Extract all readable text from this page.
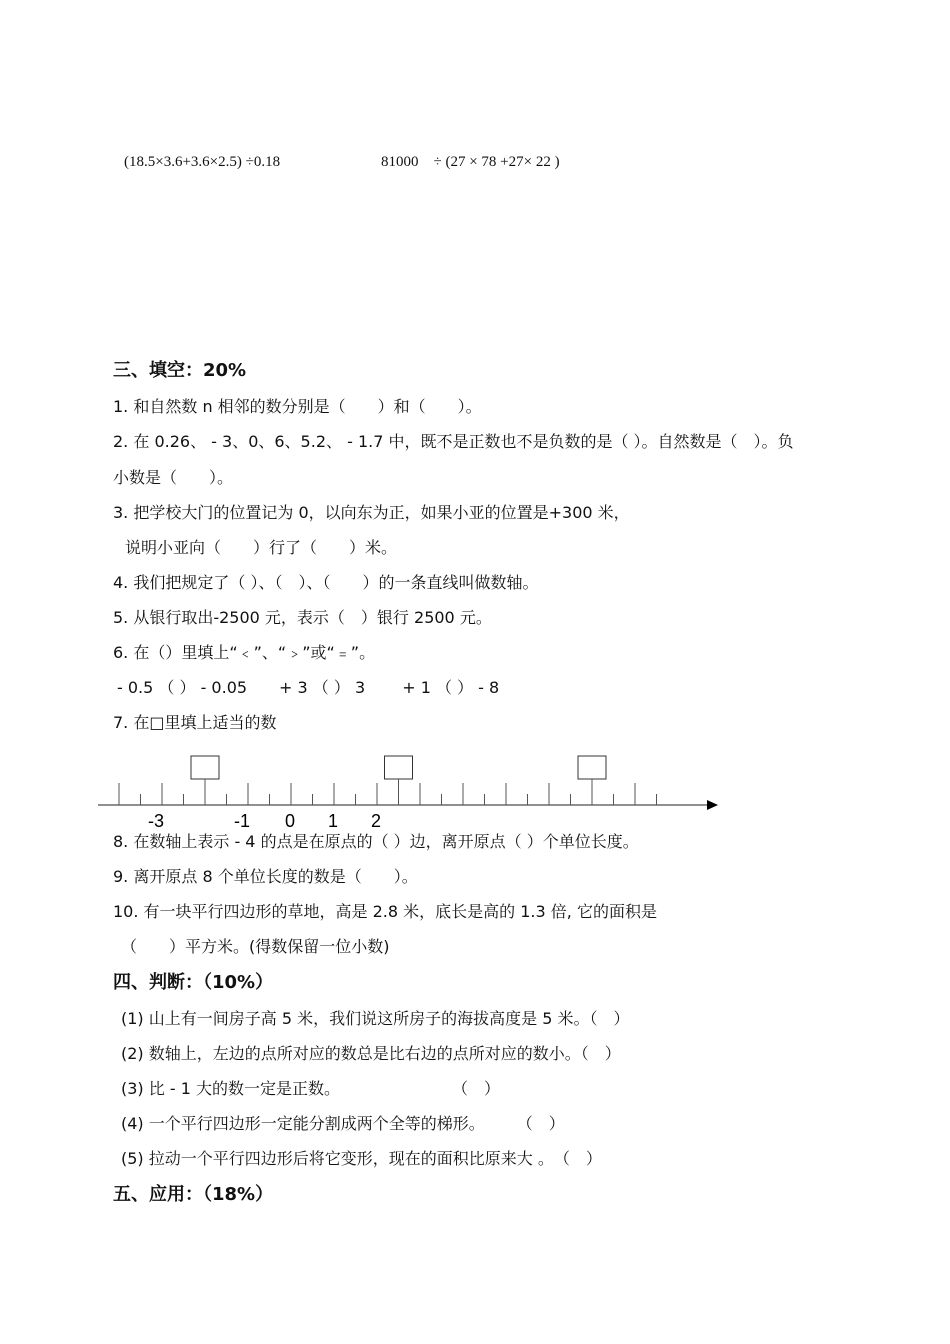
(18.5×3.6+3.6×2.5) ÷0.18	81000　÷ (27 × 78 +27× 22 )
三、填空：20%
1. 和自然数 n 相邻的数分别是（　　）和（　　）。
2. 在 0.26、 - 3、0、6、5.2、 - 1.7 中，既不是正数也不是负数的是（ ）。自然数是（　）。负
小数是（　　）。
3. 把学校大门的位置记为 0，以向东为正，如果小亚的位置是+300 米，
说明小亚向（　　）行了（　　）米。
4. 我们把规定了（ ）、（　）、（　　）的一条直线叫做数轴。
5. 从银行取出-2500 元，表示（　）银行 2500 元。
6. 在（）里填上“﹤”、“﹥”或“﹦”。
- 0.5 （ ） - 0.05　　+ 3 （ ） 3　　 + 1 （ ） - 8
7. 在□里填上适当的数
-3	-1 0 1 2
8. 在数轴上表示 - 4 的点是在原点的（ ）边，离开原点（ ）个单位长度。
9. 离开原点 8 个单位长度的数是（　　）。
10. 有一块平行四边形的草地，高是 2.8 米，底长是高的 1.3 倍, 它的面积是
（　　）平方米。(得数保留一位小数)
四、判断：（10%）
(1) 山上有一间房子高 5 米，我们说这所房子的海拔高度是 5 米。（　）
(2) 数轴上，左边的点所对应的数总是比右边的点所对应的数小。（　）
(3) 比 - 1 大的数一定是正数。　　　　　　　　（　）
(4) 一个平行四边形一定能分割成两个全等的梯形。　　　（　）
(5) 拉动一个平行四边形后将它变形，现在的面积比原来大 。　（　）
五、应用：（18%）
